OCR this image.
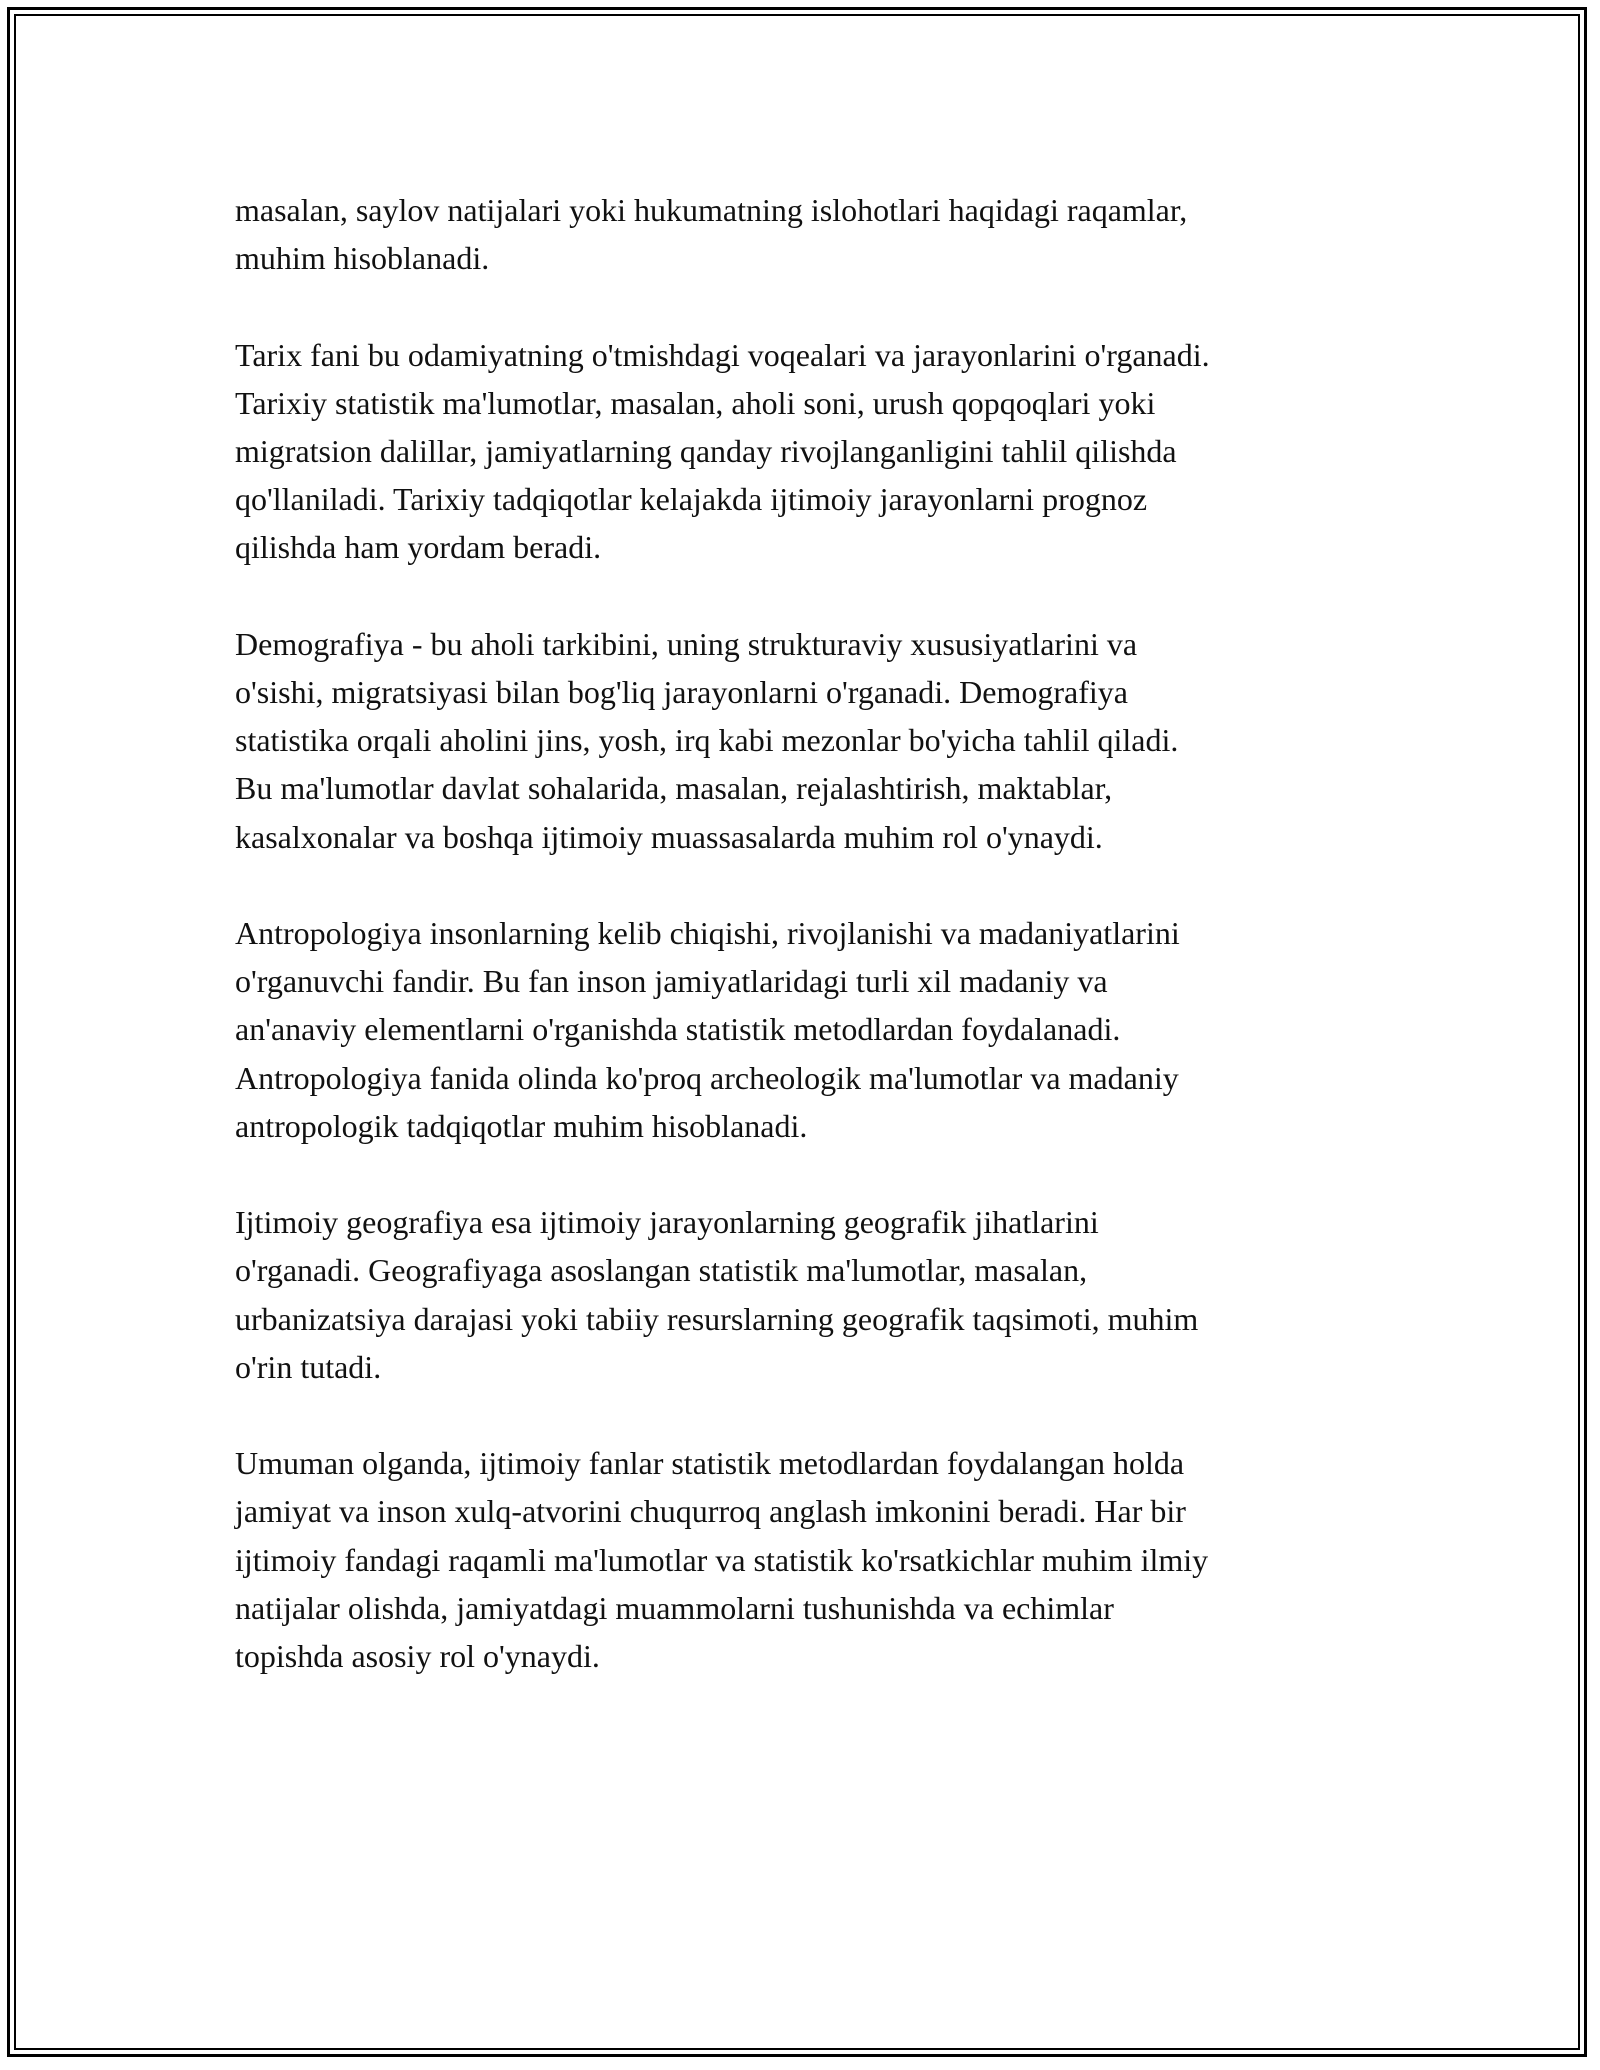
masalan, saylov natijalari yoki hukumatning islohotlari haqidagi raqamlar,
muhim hisoblanadi.

Tarix fani bu odamiyatning o'tmishdagi voqealari va jarayonlarini o'rganadi.
Tarixiy statistik ma'lumotlar, masalan, aholi soni, urush qopqoqlari yoki
migratsion dalillar, jamiyatlarning qanday rivojlanganligini tahlil qilishda
qo'llaniladi. Tarixiy tadqiqotlar kelajakda ijtimoiy jarayonlarni prognoz
qilishda ham yordam beradi.

Demografiya - bu aholi tarkibini, uning strukturaviy xususiyatlarini va
o'sishi, migratsiyasi bilan bog'liq jarayonlarni o'rganadi. Demografiya
statistika orqali aholini jins, yosh, irq kabi mezonlar bo'yicha tahlil qiladi.
Bu ma'lumotlar davlat sohalarida, masalan, rejalashtirish, maktablar,
kasalxonalar va boshqa ijtimoiy muassasalarda muhim rol o'ynaydi.

Antropologiya insonlarning kelib chiqishi, rivojlanishi va madaniyatlarini
o'rganuvchi fandir. Bu fan inson jamiyatlaridagi turli xil madaniy va
an'anaviy elementlarni o'rganishda statistik metodlardan foydalanadi.
Antropologiya fanida olinda ko'proq archeologik ma'lumotlar va madaniy
antropologik tadqiqotlar muhim hisoblanadi.

Ijtimoiy geografiya esa ijtimoiy jarayonlarning geografik jihatlarini
o'rganadi. Geografiyaga asoslangan statistik ma'lumotlar, masalan,
urbanizatsiya darajasi yoki tabiiy resurslarning geografik taqsimoti, muhim
o'rin tutadi.

Umuman olganda, ijtimoiy fanlar statistik metodlardan foydalangan holda
jamiyat va inson xulq-atvorini chuqurroq anglash imkonini beradi. Har bir
ijtimoiy fandagi raqamli ma'lumotlar va statistik ko'rsatkichlar muhim ilmiy
natijalar olishda, jamiyatdagi muammolarni tushunishda va echimlar
topishda asosiy rol o'ynaydi.
